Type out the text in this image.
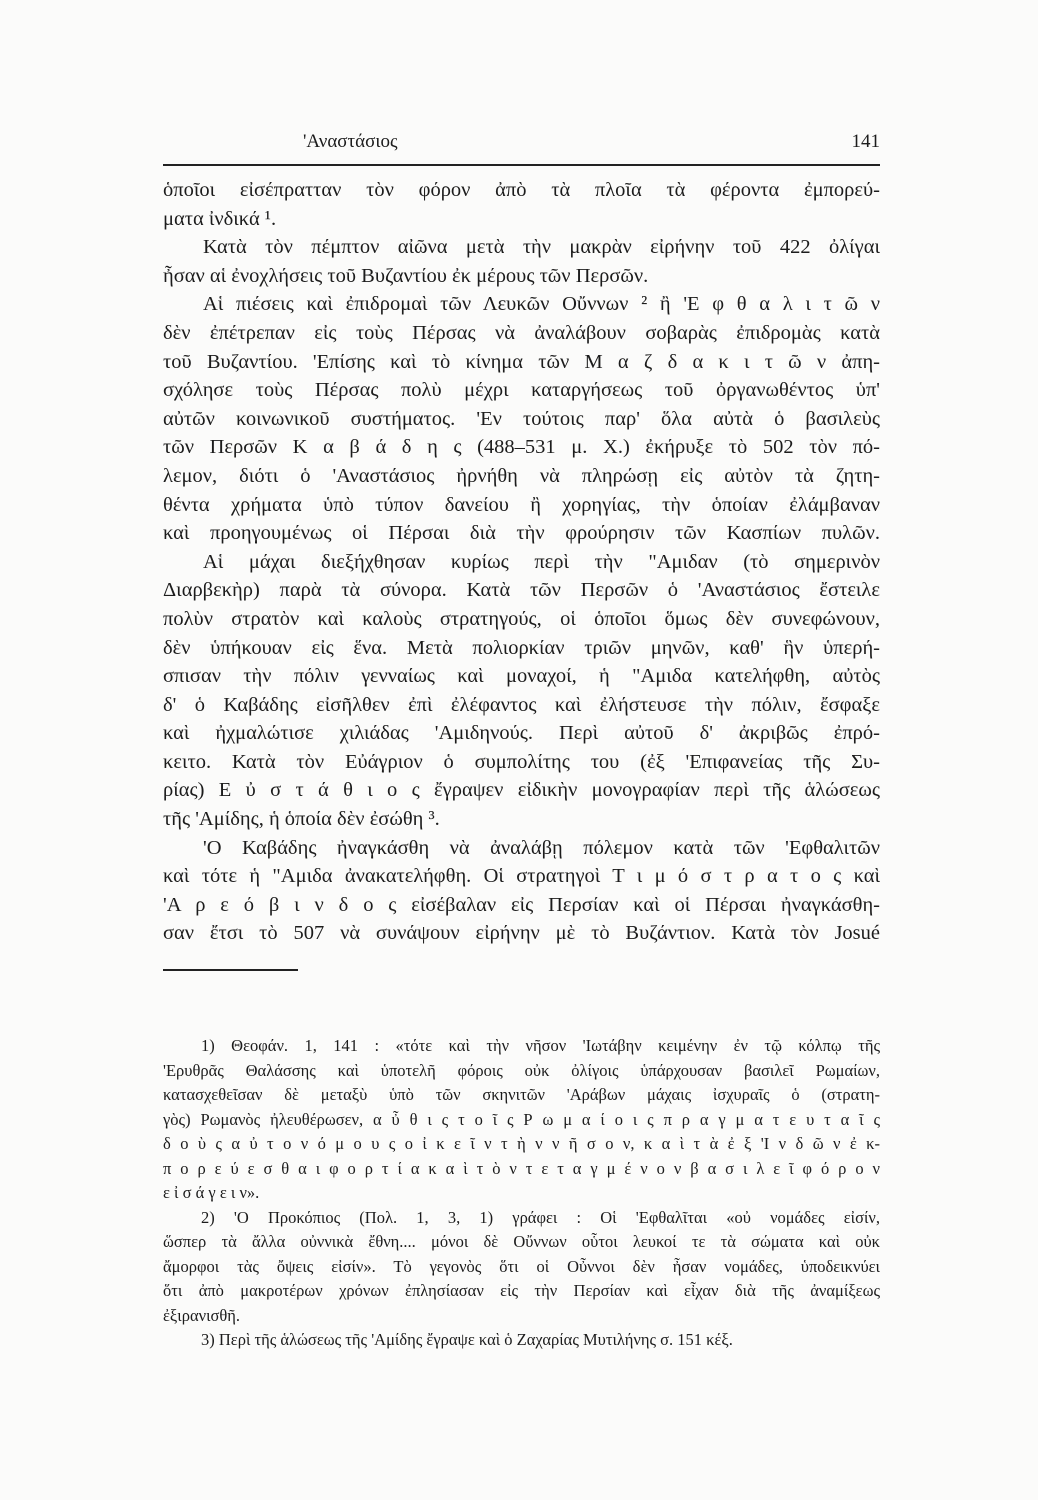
'Αναστάσιος	141
ὁποῖοι εἰσέπρατταν τὸν φόρον ἀπὸ τὰ πλοῖα τὰ φέροντα ἐμπορεύ-
ματα ἰνδικά ¹.
Κατὰ τὸν πέμπτον αἰῶνα μετὰ τὴν μακρὰν εἰρήνην τοῦ 422 ὀλίγαι
ἦσαν αἱ ἐνοχλήσεις τοῦ Βυζαντίου ἐκ μέρους τῶν Περσῶν.
Αἱ πιέσεις καὶ ἐπιδρομαὶ τῶν Λευκῶν Οὔννων ² ἢ 'Ε φ θ α λ ι τ ῶ ν
δὲν ἐπέτρεπαν εἰς τοὺς Πέρσας νὰ ἀναλάβουν σοβαρὰς ἐπιδρομὰς κατὰ
τοῦ Βυζαντίου. 'Επίσης καὶ τὸ κίνημα τῶν Μ α ζ δ α κ ι τ ῶ ν ἀπη-
σχόλησε τοὺς Πέρσας πολὺ μέχρι καταργήσεως τοῦ ὀργανωθέντος ὑπ'
αὐτῶν κοινωνικοῦ συστήματος. 'Εν τούτοις παρ' ὅλα αὐτὰ ὁ βασιλεὺς
τῶν Περσῶν Κ α β ά δ η ς (488–531 μ. Χ.) ἐκήρυξε τὸ 502 τὸν πό-
λεμον, διότι ὁ 'Αναστάσιος ἠρνήθη νὰ πληρώσῃ εἰς αὐτὸν τὰ ζητη-
θέντα χρήματα ὑπὸ τύπον δανείου ἢ χορηγίας, τὴν ὁποίαν ἐλάμβαναν
καὶ προηγουμένως οἱ Πέρσαι διὰ τὴν φρούρησιν τῶν Κασπίων πυλῶν.
Αἱ μάχαι διεξήχθησαν κυρίως περὶ τὴν "Αμιδαν (τὸ σημερινὸν
Διαρβεκὴρ) παρὰ τὰ σύνορα. Κατὰ τῶν Περσῶν ὁ 'Αναστάσιος ἔστειλε
πολὺν στρατὸν καὶ καλοὺς στρατηγούς, οἱ ὁποῖοι ὅμως δὲν συνεφώνουν,
δὲν ὑπήκουαν εἰς ἕνα. Μετὰ πολιορκίαν τριῶν μηνῶν, καθ' ἣν ὑπερή-
σπισαν τὴν πόλιν γενναίως καὶ μοναχοί, ἡ "Αμιδα κατελήφθη, αὐτὸς
δ' ὁ Καβάδης εἰσῆλθεν ἐπὶ ἐλέφαντος καὶ ἐλήστευσε τὴν πόλιν, ἔσφαξε
καὶ ἠχμαλώτισε χιλιάδας 'Αμιδηνούς. Περὶ αὐτοῦ δ' ἀκριβῶς ἐπρό-
κειτο. Κατὰ τὸν Εὐάγριον ὁ συμπολίτης του (ἐξ 'Επιφανείας τῆς Συ-
ρίας) Ε ὐ σ τ ά θ ι ο ς ἔγραψεν εἰδικὴν μονογραφίαν περὶ τῆς ἁλώσεως
τῆς 'Αμίδης, ἡ ὁποία δὲν ἐσώθη ³.
'Ο Καβάδης ἠναγκάσθη νὰ ἀναλάβῃ πόλεμον κατὰ τῶν 'Εφθαλιτῶν
καὶ τότε ἡ "Αμιδα ἀνακατελήφθη. Οἱ στρατηγοὶ Τ ι μ ό σ τ ρ α τ ο ς καὶ
'Α ρ ε ό β ι ν δ ο ς εἰσέβαλαν εἰς Περσίαν καὶ οἱ Πέρσαι ἠναγκάσθη-
σαν ἔτσι τὸ 507 νὰ συνάψουν εἰρήνην μὲ τὸ Βυζάντιον. Κατὰ τὸν Josué
1) Θεοφάν. 1, 141 : «τότε καὶ τὴν νῆσον 'Ιωτάβην κειμένην ἐν τῷ κόλπῳ τῆς
'Ερυθρᾶς Θαλάσσης καὶ ὑποτελῆ φόροις οὐκ ὀλίγοις ὑπάρχουσαν βασιλεῖ Ρωμαίων,
κατασχεθεῖσαν δὲ μεταξὺ ὑπὸ τῶν σκηνιτῶν 'Αράβων μάχαις ἰσχυραῖς ὁ (στρατη-
γὸς) Ρωμανὸς ἠλευθέρωσεν, α ὖ θ ι ς τ ο ῖ ς Ρ ω μ α ί ο ι ς π ρ α γ μ α τ ε υ τ α ῖ ς
δ ο ὺ ς α ὐ τ ο ν ό μ ο υ ς ο ἰ κ ε ῖ ν τ ὴ ν ν ῆ σ ο ν, κ α ὶ τ ὰ ἐ ξ 'Ι ν δ ῶ ν ἐ κ-
π ο ρ ε ύ ε σ θ α ι φ ο ρ τ ί α κ α ὶ τ ὸ ν τ ε τ α γ μ έ ν ο ν β α σ ι λ ε ῖ φ ό ρ ο ν
ε ἰ σ ά γ ε ι ν».
2) 'Ο Προκόπιος (Πολ. 1, 3, 1) γράφει : Οἱ 'Εφθαλῖται «οὐ νομάδες εἰσίν,
ὥσπερ τὰ ἄλλα οὐννικὰ ἔθνη.... μόνοι δὲ Οὔννων οὗτοι λευκοί τε τὰ σώματα καὶ οὐκ
ἄμορφοι τὰς ὄψεις εἰσίν». Τὸ γεγονὸς ὅτι οἱ Οὖννοι δὲν ἦσαν νομάδες, ὑποδεικνύει
ὅτι ἀπὸ μακροτέρων χρόνων ἐπλησίασαν εἰς τὴν Περσίαν καὶ εἶχαν διὰ τῆς ἀναμίξεως
ἐξιρανισθῆ.
3) Περὶ τῆς ἁλώσεως τῆς 'Αμίδης ἔγραψε καὶ ὁ Ζαχαρίας Μυτιλήνης σ. 151 κέξ.
